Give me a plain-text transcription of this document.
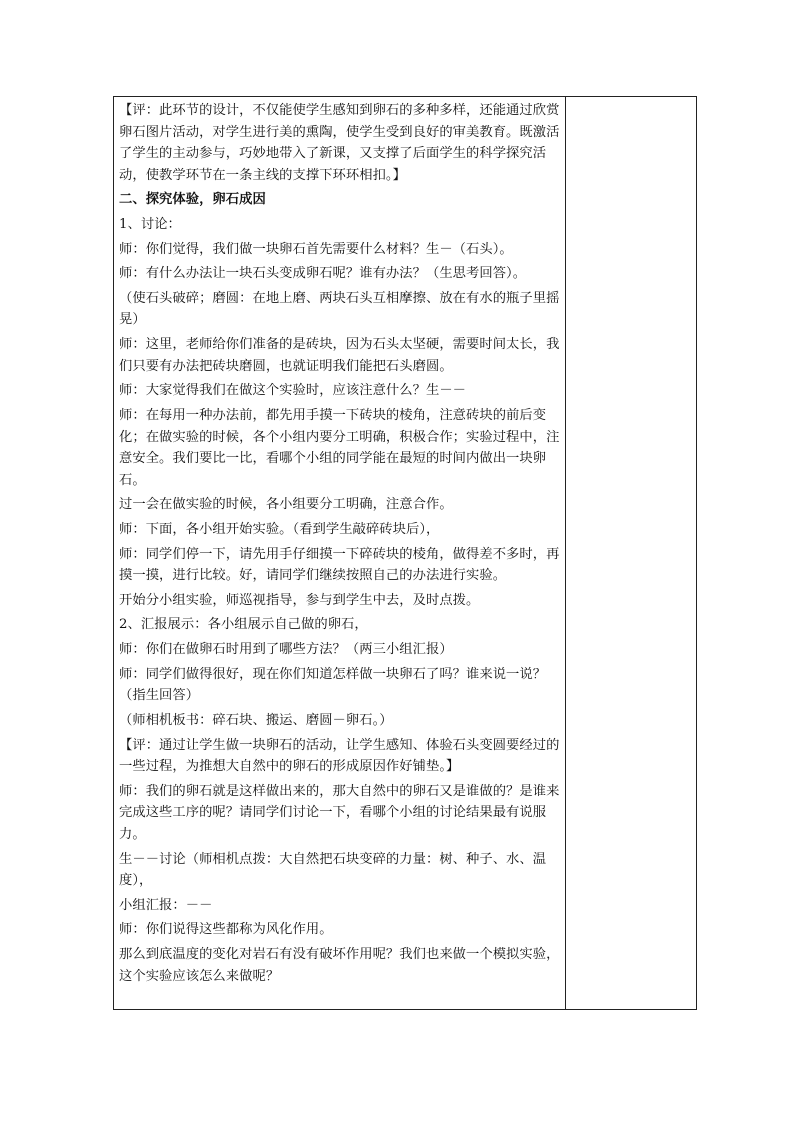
【评：此环节的设计，不仅能使学生感知到卵石的多种多样，还能通过欣赏卵石图片活动，对学生进行美的熏陶，使学生受到良好的审美教育。既激活了学生的主动参与，巧妙地带入了新课，又支撑了后面学生的科学探究活动，使教学环节在一条主线的支撑下环环相扣。】

二、探究体验，卵石成因

1、讨论：

师：你们觉得，我们做一块卵石首先需要什么材料？生－（石头）。

师：有什么办法让一块石头变成卵石呢？谁有办法？（生思考回答）。

（使石头破碎；磨圆：在地上磨、两块石头互相摩擦、放在有水的瓶子里摇晃）

师：这里，老师给你们准备的是砖块，因为石头太坚硬，需要时间太长，我们只要有办法把砖块磨圆，也就证明我们能把石头磨圆。

师：大家觉得我们在做这个实验时，应该注意什么？生－－

师：在每用一种办法前，都先用手摸一下砖块的棱角，注意砖块的前后变化；在做实验的时候，各个小组内要分工明确，积极合作；实验过程中，注意安全。我们要比一比，看哪个小组的同学能在最短的时间内做出一块卵石。

过一会在做实验的时候，各小组要分工明确，注意合作。

师：下面，各小组开始实验。（看到学生敲碎砖块后），

师：同学们停一下，请先用手仔细摸一下碎砖块的棱角，做得差不多时，再摸一摸，进行比较。好，请同学们继续按照自己的办法进行实验。

开始分小组实验，师巡视指导，参与到学生中去，及时点拨。

2、汇报展示：各小组展示自己做的卵石，

师：你们在做卵石时用到了哪些方法？（两三小组汇报）

师：同学们做得很好，现在你们知道怎样做一块卵石了吗？谁来说一说？（指生回答）

（师相机板书：碎石块、搬运、磨圆－卵石。）

【评：通过让学生做一块卵石的活动，让学生感知、体验石头变圆要经过的一些过程，为推想大自然中的卵石的形成原因作好铺垫。】

师：我们的卵石就是这样做出来的，那大自然中的卵石又是谁做的？是谁来完成这些工序的呢？请同学们讨论一下，看哪个小组的讨论结果最有说服力。

生－－讨论（师相机点拨：大自然把石块变碎的力量：树、种子、水、温度），

小组汇报：－－

师：你们说得这些都称为风化作用。

那么到底温度的变化对岩石有没有破坏作用呢？我们也来做一个模拟实验，这个实验应该怎么来做呢？
